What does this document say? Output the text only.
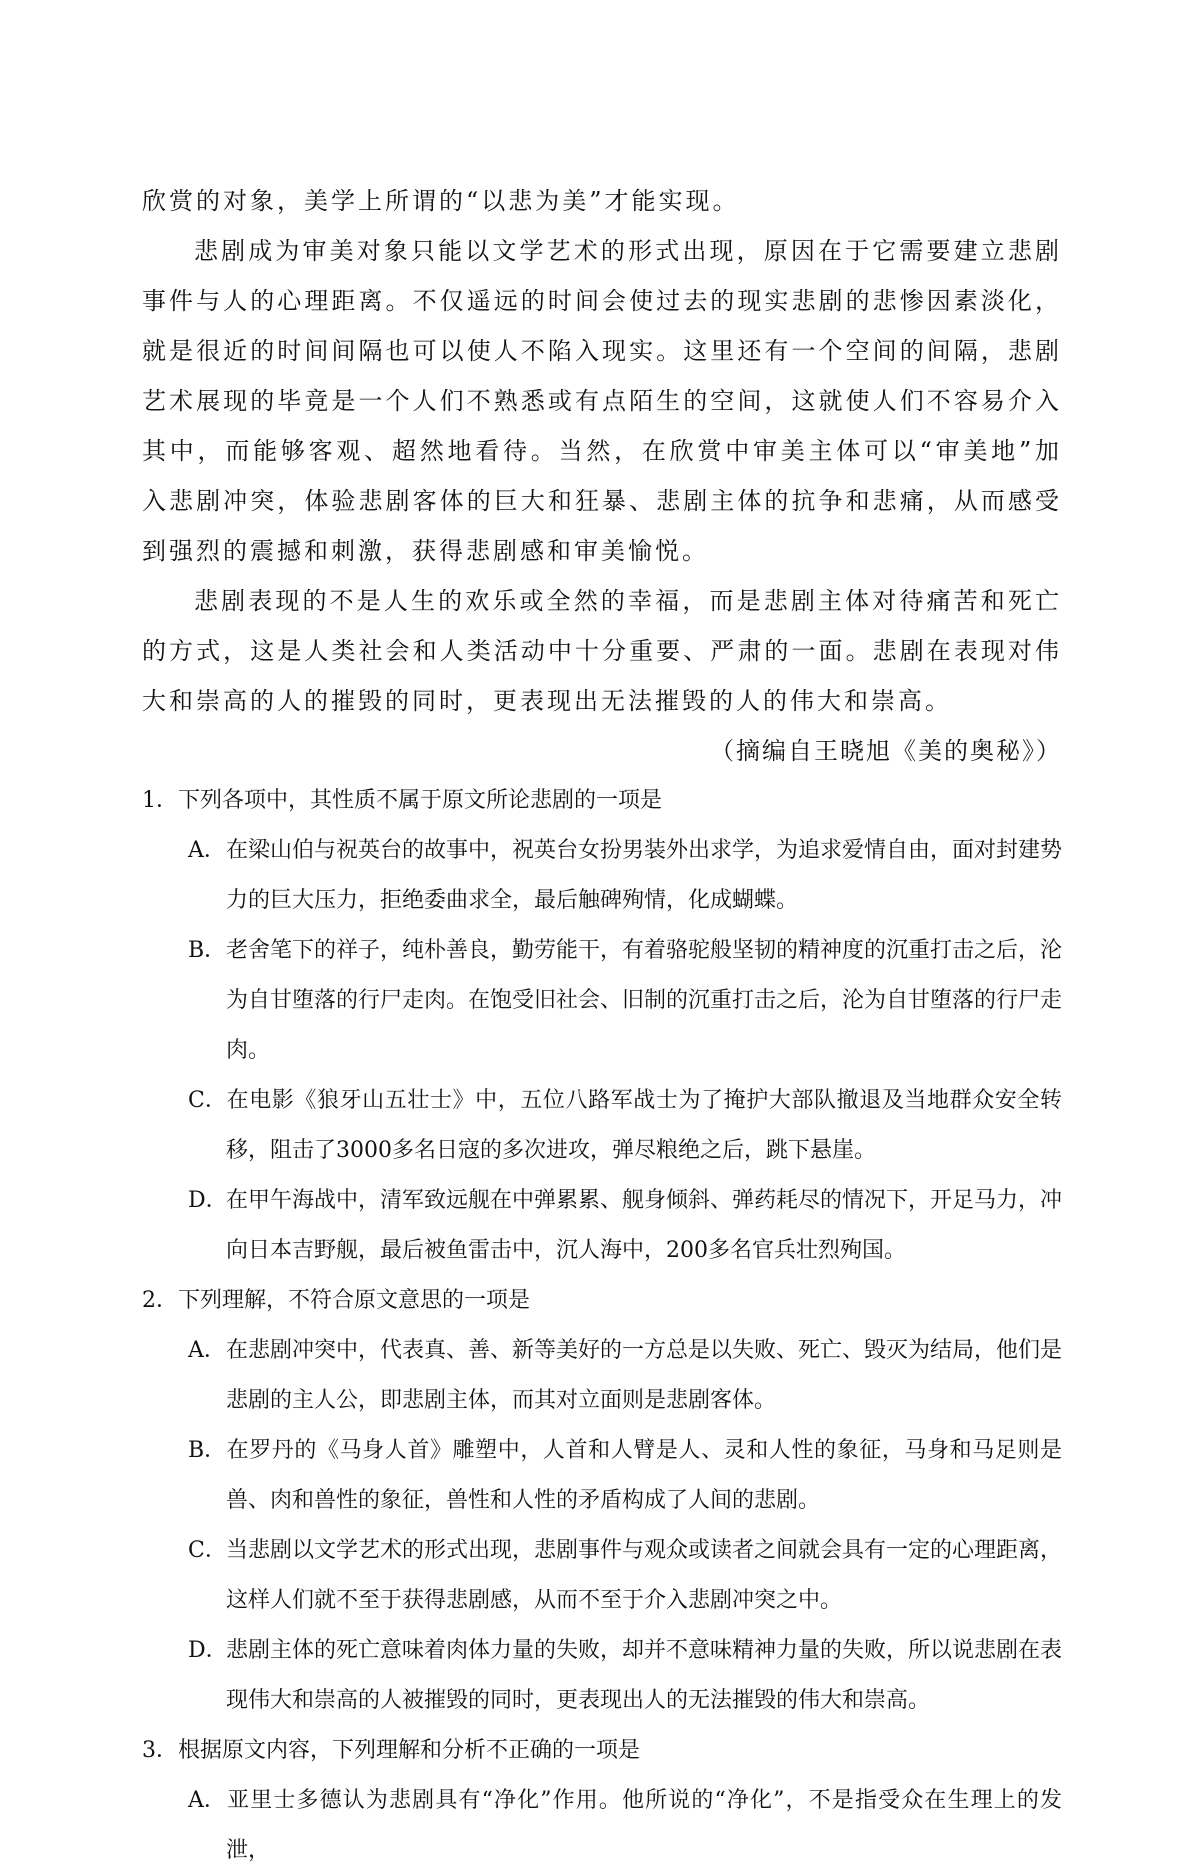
欣赏的对象，美学上所谓的“以悲为美”才能实现。

悲剧成为审美对象只能以文学艺术的形式出现，原因在于它需要建立悲剧事件与人的心理距离。不仅遥远的时间会使过去的现实悲剧的悲惨因素淡化，就是很近的时间间隔也可以使人不陷入现实。这里还有一个空间的间隔，悲剧艺术展现的毕竟是一个人们不熟悉或有点陌生的空间，这就使人们不容易介入其中，而能够客观、超然地看待。当然，在欣赏中审美主体可以“审美地”加入悲剧冲突，体验悲剧客体的巨大和狂暴、悲剧主体的抗争和悲痛，从而感受到强烈的震撼和刺激，获得悲剧感和审美愉悦。

悲剧表现的不是人生的欢乐或全然的幸福，而是悲剧主体对待痛苦和死亡的方式，这是人类社会和人类活动中十分重要、严肃的一面。悲剧在表现对伟大和崇高的人的摧毁的同时，更表现出无法摧毁的人的伟大和崇高。

（摘编自王晓旭《美的奥秘》）

1．下列各项中，其性质不属于原文所论悲剧的一项是

A．在梁山伯与祝英台的故事中，祝英台女扮男装外出求学，为追求爱情自由，面对封建势力的巨大压力，拒绝委曲求全，最后触碑殉情，化成蝴蝶。

B．老舍笔下的祥子，纯朴善良，勤劳能干，有着骆驼般坚韧的精神度的沉重打击之后，沦为自甘堕落的行尸走肉。在饱受旧社会、旧制的沉重打击之后，沦为自甘堕落的行尸走肉。

C．在电影《狼牙山五壮士》中，五位八路军战士为了掩护大部队撤退及当地群众安全转移，阻击了3000多名日寇的多次进攻，弹尽粮绝之后，跳下悬崖。

D．在甲午海战中，清军致远舰在中弹累累、舰身倾斜、弹药耗尽的情况下，开足马力，冲向日本吉野舰，最后被鱼雷击中，沉人海中，200多名官兵壮烈殉国。

2．下列理解，不符合原文意思的一项是

A．在悲剧冲突中，代表真、善、新等美好的一方总是以失败、死亡、毁灭为结局，他们是悲剧的主人公，即悲剧主体，而其对立面则是悲剧客体。

B．在罗丹的《马身人首》雕塑中，人首和人臂是人、灵和人性的象征，马身和马足则是兽、肉和兽性的象征，兽性和人性的矛盾构成了人间的悲剧。

C．当悲剧以文学艺术的形式出现，悲剧事件与观众或读者之间就会具有一定的心理距离，这样人们就不至于获得悲剧感，从而不至于介入悲剧冲突之中。

D．悲剧主体的死亡意味着肉体力量的失败，却并不意味精神力量的失败，所以说悲剧在表现伟大和崇高的人被摧毁的同时，更表现出人的无法摧毁的伟大和崇高。

3．根据原文内容，下列理解和分析不正确的一项是

A．亚里士多德认为悲剧具有“净化”作用。他所说的“净化”，不是指受众在生理上的发泄，
